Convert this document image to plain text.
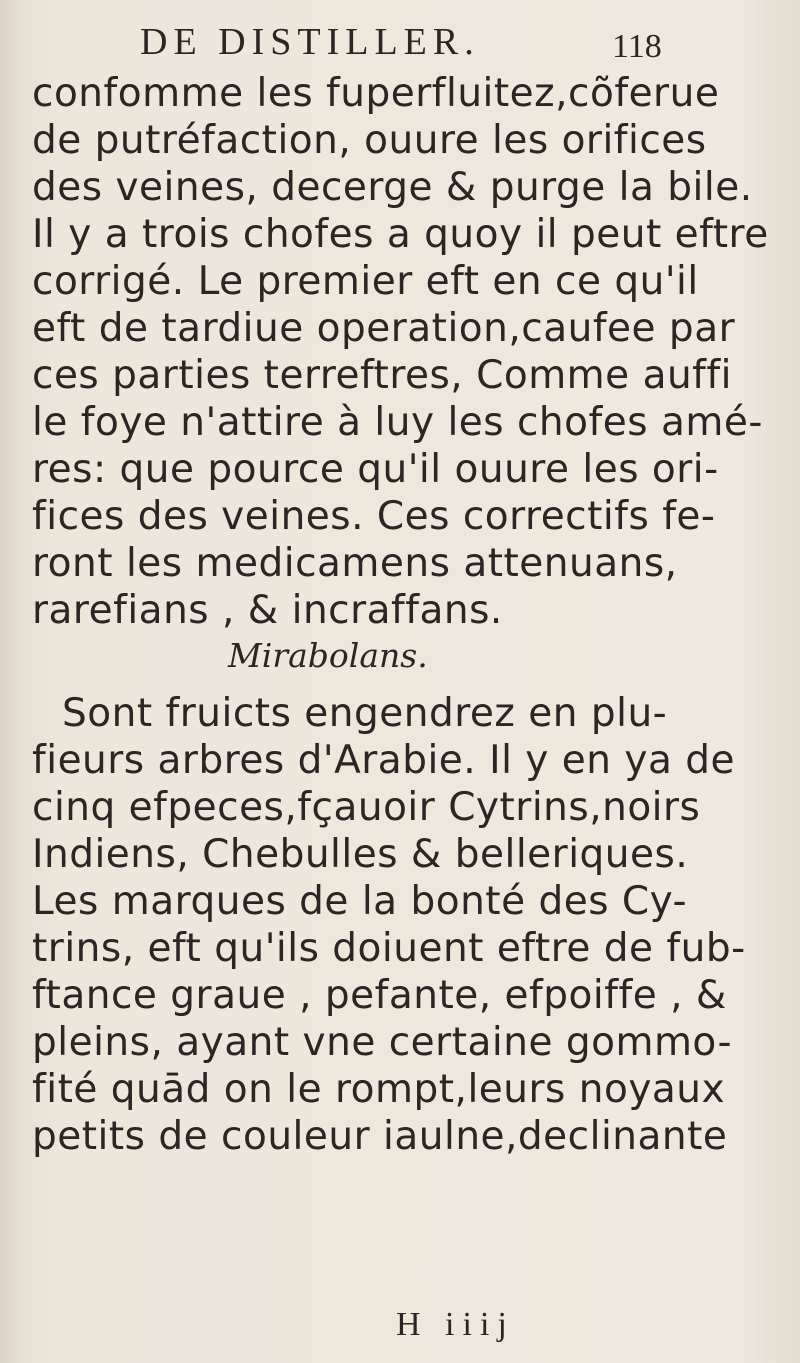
DE DISTILLER.	118
confomme les fuperfluitez,cõferue
de putréfaction, ouure les orifices
des veines, decerge & purge la bile.
Il y a trois chofes a quoy il peut eftre
corrigé. Le premier eft en ce qu'il
eft de tardiue operation,caufee par
ces parties terreftres, Comme auffi
le foye n'attire à luy les chofes amé-
res: que pource qu'il ouure les ori-
fices des veines. Ces correctifs fe-
ront les medicamens attenuans,
rarefians , & incraffans.
Mirabolans.
Sont fruicts engendrez en plu-
fieurs arbres d'Arabie. Il y en ya de
cinq efpeces,fçauoir Cytrins,noirs
Indiens, Chebulles & belleriques.
Les marques de la bonté des Cy-
trins, eft qu'ils doiuent eftre de fub-
ftance graue , pefante, efpoiffe , &
pleins, ayant vne certaine gommo-
fité quād on le rompt,leurs noyaux
petits de couleur iaulne,declinante
H iiij
